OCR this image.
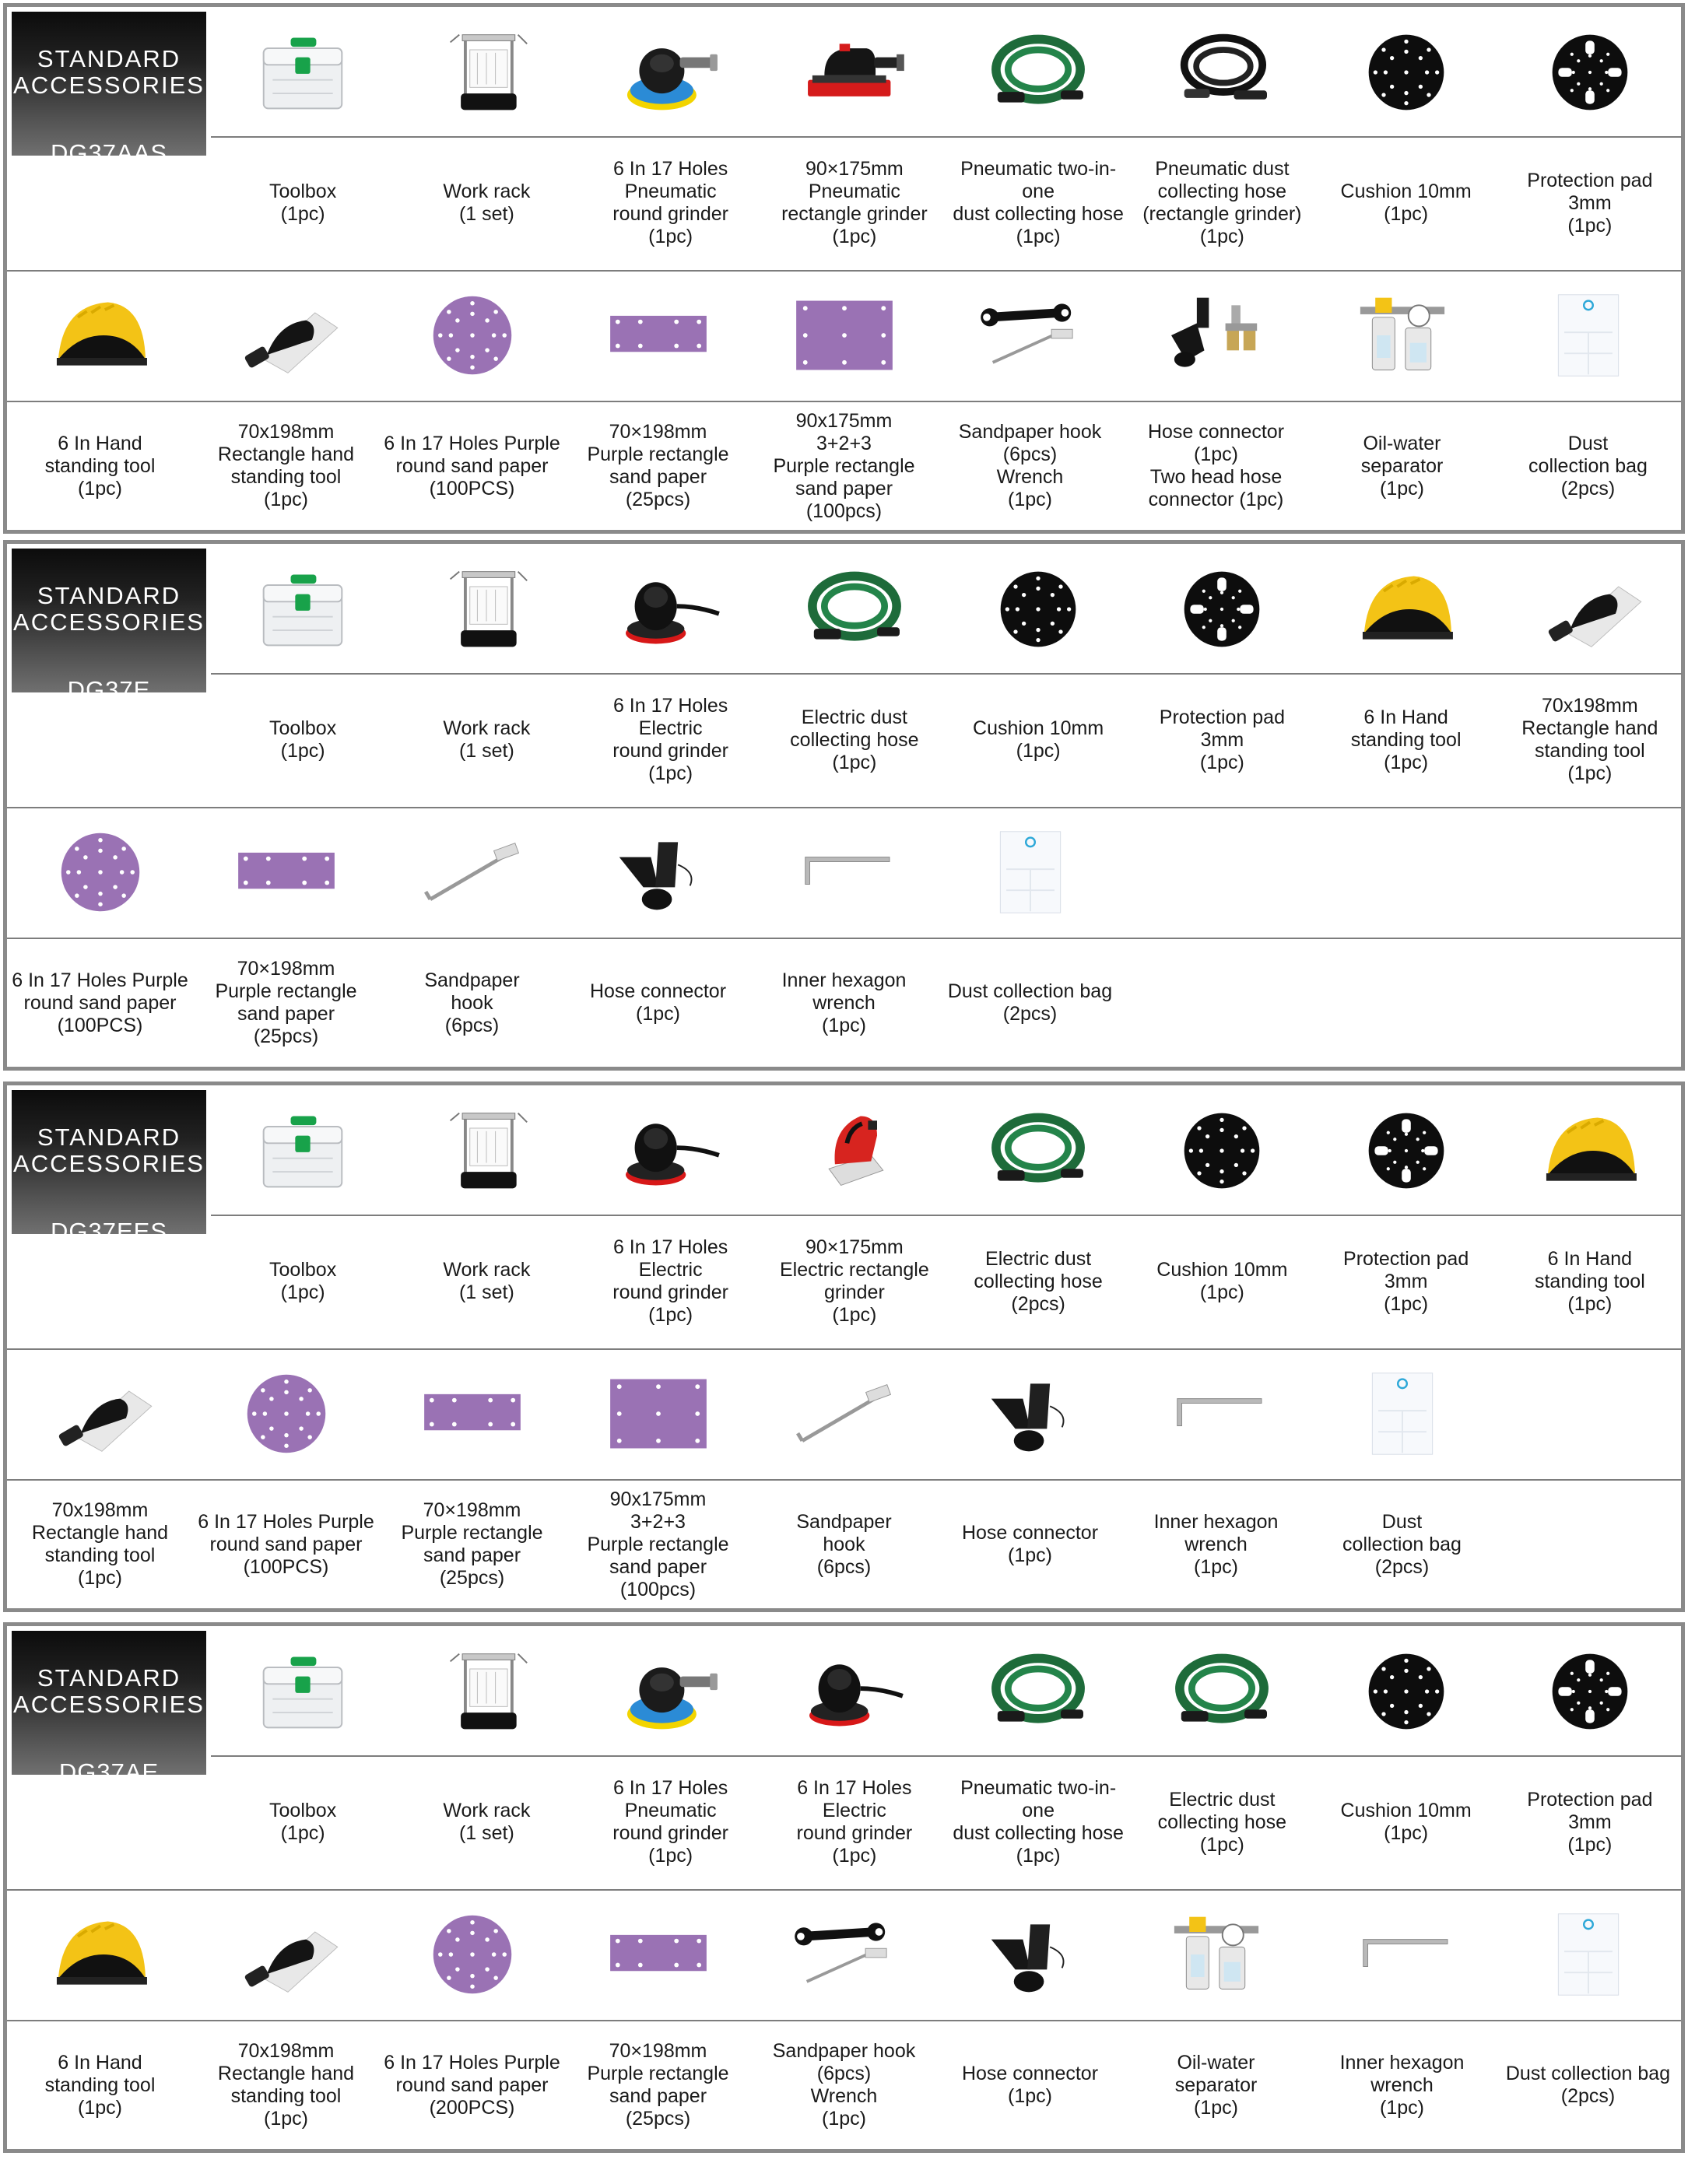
STANDARD
ACCESSORIES
DG37AAS
Toolbox
(1pc)
Work rack
(1 set)
6 In 17 Holes
Pneumatic
round grinder
(1pc)
90×175mm
Pneumatic
rectangle grinder
(1pc)
Pneumatic two-in-one
dust collecting hose
(1pc)
Pneumatic dust
collecting hose
(rectangle grinder)
(1pc)
Cushion 10mm
(1pc)
Protection pad
3mm
(1pc)
6 In Hand
standing tool
(1pc)
70x198mm
Rectangle hand
standing tool
(1pc)
6 In 17 Holes Purple
round sand paper
(100PCS)
70×198mm
Purple rectangle
sand paper
(25pcs)
90x175mm
3+2+3
Purple rectangle
sand paper
(100pcs)
Sandpaper hook
(6pcs)
Wrench
(1pc)
Hose connector
(1pc)
Two head hose
connector (1pc)
Oil-water
separator
(1pc)
Dust
collection bag
(2pcs)
STANDARD
ACCESSORIES
DG37E
Toolbox
(1pc)
Work rack
(1 set)
6 In 17 Holes
Electric
round grinder
(1pc)
Electric dust
collecting hose
(1pc)
Cushion 10mm
(1pc)
Protection pad
3mm
(1pc)
6 In Hand
standing tool
(1pc)
70x198mm
Rectangle hand
standing tool
(1pc)
6 In 17 Holes Purple
round sand paper
(100PCS)
70×198mm
Purple rectangle
sand paper
(25pcs)
Sandpaper
hook
(6pcs)
Hose connector
(1pc)
Inner hexagon
wrench
(1pc)
Dust collection bag
(2pcs)
STANDARD
ACCESSORIES
DG37EES
Toolbox
(1pc)
Work rack
(1 set)
6 In 17 Holes
Electric
round grinder
(1pc)
90×175mm
Electric rectangle
grinder
(1pc)
Electric dust
collecting hose
(2pcs)
Cushion 10mm
(1pc)
Protection pad
3mm
(1pc)
6 In Hand
standing tool
(1pc)
70x198mm
Rectangle hand
standing tool
(1pc)
6 In 17 Holes Purple
round sand paper
(100PCS)
70×198mm
Purple rectangle
sand paper
(25pcs)
90x175mm
3+2+3
Purple rectangle
sand paper
(100pcs)
Sandpaper
hook
(6pcs)
Hose connector
(1pc)
Inner hexagon
wrench
(1pc)
Dust
collection bag
(2pcs)
STANDARD
ACCESSORIES
DG37AE
Toolbox
(1pc)
Work rack
(1 set)
6 In 17 Holes
Pneumatic
round grinder
(1pc)
6 In 17 Holes
Electric
round grinder
(1pc)
Pneumatic two-in-one
dust collecting hose
(1pc)
Electric dust
collecting hose
(1pc)
Cushion 10mm
(1pc)
Protection pad
3mm
(1pc)
6 In Hand
standing tool
(1pc)
70x198mm
Rectangle hand
standing tool
(1pc)
6 In 17 Holes Purple
round sand paper
(200PCS)
70×198mm
Purple rectangle
sand paper
(25pcs)
Sandpaper hook
(6pcs)
Wrench
(1pc)
Hose connector
(1pc)
Oil-water
separator
(1pc)
Inner hexagon
wrench
(1pc)
Dust collection bag
(2pcs)
